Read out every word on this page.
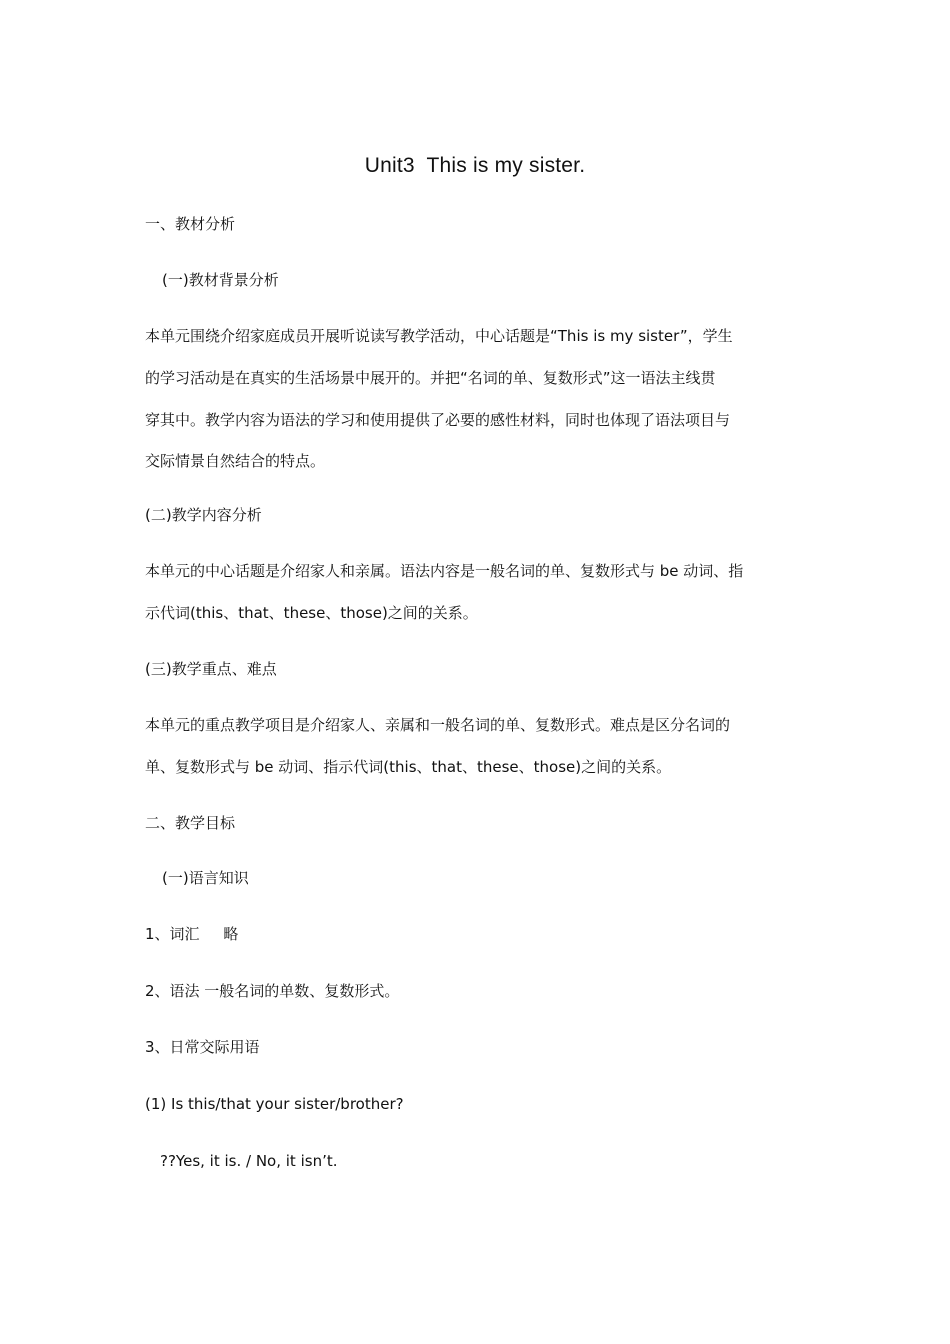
Unit3  This is my sister.
一、教材分析
(一)教材背景分析
本单元围绕介绍家庭成员开展听说读写教学活动，中心话题是“This is my sister”，学生
的学习活动是在真实的生活场景中展开的。并把“名词的单、复数形式”这一语法主线贯
穿其中。教学内容为语法的学习和使用提供了必要的感性材料，同时也体现了语法项目与
交际情景自然结合的特点。
(二)教学内容分析
本单元的中心话题是介绍家人和亲属。语法内容是一般名词的单、复数形式与 be 动词、指
示代词(this、that、these、those)之间的关系。
(三)教学重点、难点
本单元的重点教学项目是介绍家人、亲属和一般名词的单、复数形式。难点是区分名词的
单、复数形式与 be 动词、指示代词(this、that、these、those)之间的关系。
二、教学目标
(一)语言知识
1、词汇     略
2、语法 一般名词的单数、复数形式。
3、日常交际用语
(1) Is this/that your sister/brother?
??Yes, it is. / No, it isn’t.
